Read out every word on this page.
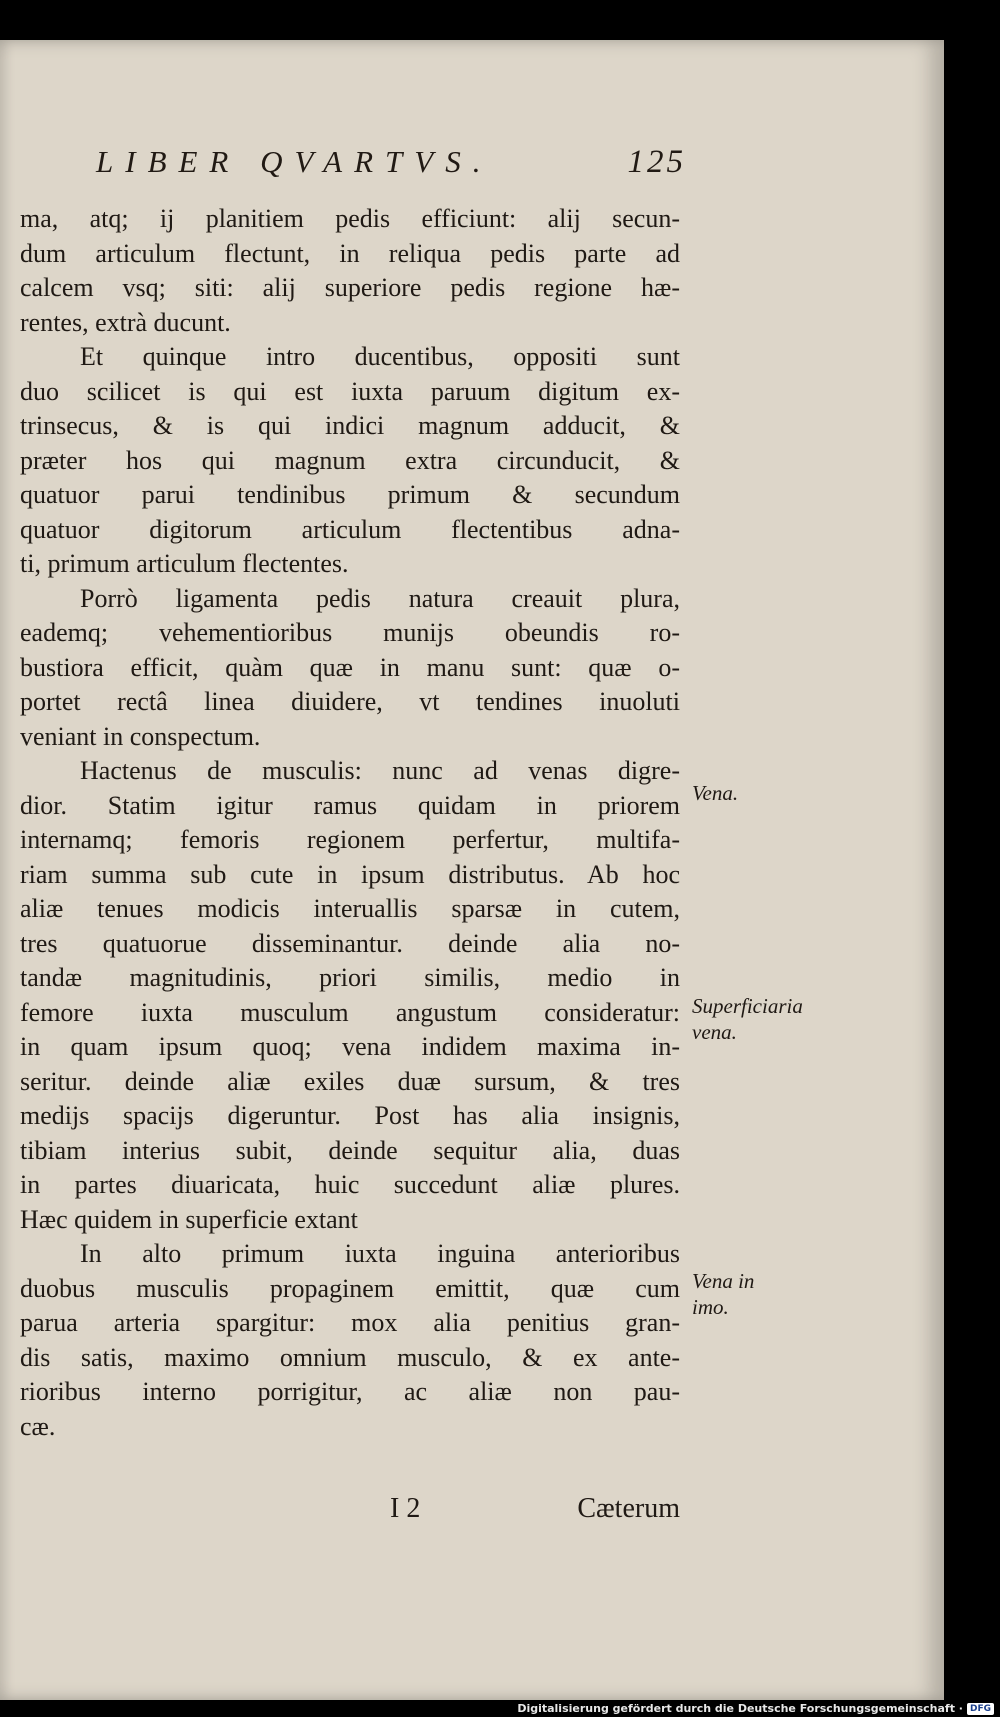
LIBER QVARTVS.	125
ma, atq; ij planitiem pedis efficiunt: alij secun-
dum articulum flectunt, in reliqua pedis parte ad
calcem vsq; siti: alij superiore pedis regione hæ-
rentes, extrà ducunt.
Et quinque intro ducentibus, oppositi sunt
duo scilicet is qui est iuxta paruum digitum ex-
trinsecus, & is qui indici magnum adducit, &
præter hos qui magnum extra circunducit, &
quatuor parui tendinibus primum & secundum
quatuor digitorum articulum flectentibus adna-
ti, primum articulum flectentes.
Porrò ligamenta pedis natura creauit plura,
eademq; vehementioribus munijs obeundis ro-
bustiora efficit, quàm quæ in manu sunt: quæ o-
portet rectâ linea diuidere, vt tendines inuoluti
veniant in conspectum.
Hactenus de musculis: nunc ad venas digre-
dior. Statim igitur ramus quidam in priorem
internamq; femoris regionem perfertur, multifa-
riam summa sub cute in ipsum distributus. Ab hoc
aliæ tenues modicis interuallis sparsæ in cutem,
tres quatuorue disseminantur. deinde alia no-
tandæ magnitudinis, priori similis, medio in
femore iuxta musculum angustum consideratur:
in quam ipsum quoq; vena indidem maxima in-
seritur. deinde aliæ exiles duæ sursum, & tres
medijs spacijs digeruntur. Post has alia insignis,
tibiam interius subit, deinde sequitur alia, duas
in partes diuaricata, huic succedunt aliæ plures.
Hæc quidem in superficie extant
In alto primum iuxta inguina anterioribus
duobus musculis propaginem emittit, quæ cum
parua arteria spargitur: mox alia penitius gran-
dis satis, maximo omnium musculo, & ex ante-
rioribus interno porrigitur, ac aliæ non pau-
cæ.
Vena.
Superficiaria
vena.
Vena in
imo.
I 2	Cæterum
Digitalisierung gefördert durch die Deutsche Forschungsgemeinschaft · DFG
